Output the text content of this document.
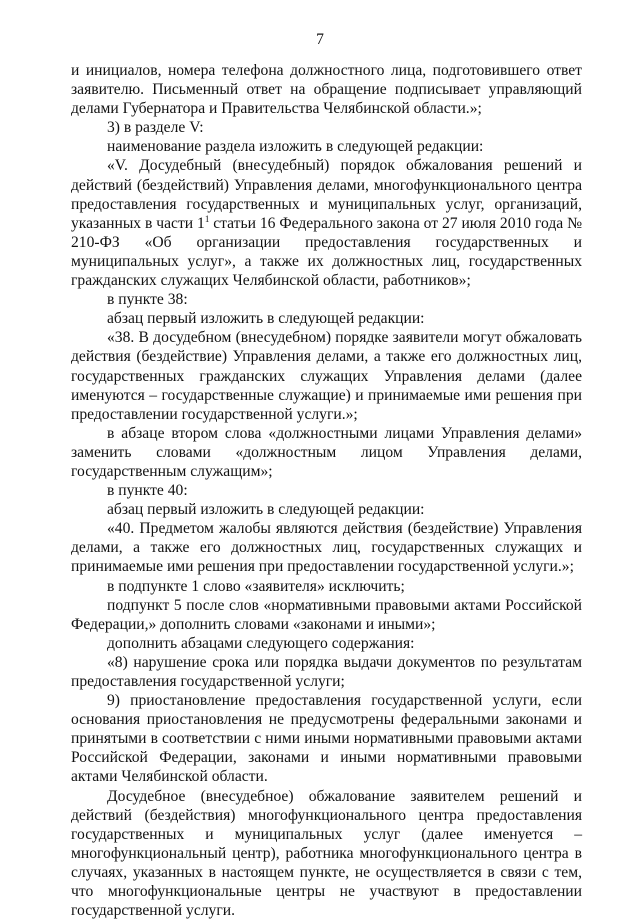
7

и инициалов, номера телефона должностного лица, подготовившего ответ заявителю. Письменный ответ на обращение подписывает управляющий делами Губернатора и Правительства Челябинской области.»;

3) в разделе V:

наименование раздела изложить в следующей редакции:

«V. Досудебный (внесудебный) порядок обжалования решений и действий (бездействий) Управления делами, многофункционального центра предоставления государственных и муниципальных услуг, организаций, указанных в части $1^1$ статьи 16 Федерального закона от 27 июля 2010 года № 210-ФЗ «Об организации предоставления государственных и муниципальных услуг», а также их должностных лиц, государственных гражданских служащих Челябинской области, работников»;

в пункте 38:

абзац первый изложить в следующей редакции:

«38. В досудебном (внесудебном) порядке заявители могут обжаловать действия (бездействие) Управления делами, а также его должностных лиц, государственных гражданских служащих Управления делами (далее именуются – государственные служащие) и принимаемые ими решения при предоставлении государственной услуги.»;

в абзаце втором слова «должностными лицами Управления делами» заменить словами «должностным лицом Управления делами, государственным служащим»;

в пункте 40:

абзац первый изложить в следующей редакции:

«40. Предметом жалобы являются действия (бездействие) Управления делами, а также его должностных лиц, государственных служащих и принимаемые ими решения при предоставлении государственной услуги.»;

в подпункте 1 слово «заявителя» исключить;

подпункт 5 после слов «нормативными правовыми актами Российской Федерации,» дополнить словами «законами и иными»;

дополнить абзацами следующего содержания:

«8) нарушение срока или порядка выдачи документов по результатам предоставления государственной услуги;

9) приостановление предоставления государственной услуги, если основания приостановления не предусмотрены федеральными законами и принятыми в соответствии с ними иными нормативными правовыми актами Российской Федерации, законами и иными нормативными правовыми актами Челябинской области.

Досудебное (внесудебное) обжалование заявителем решений и действий (бездействия) многофункционального центра предоставления государственных и муниципальных услуг (далее именуется – многофункциональный центр), работника многофункционального центра в случаях, указанных в настоящем пункте, не осуществляется в связи с тем, что многофункциональные центры не участвуют в предоставлении государственной услуги.
